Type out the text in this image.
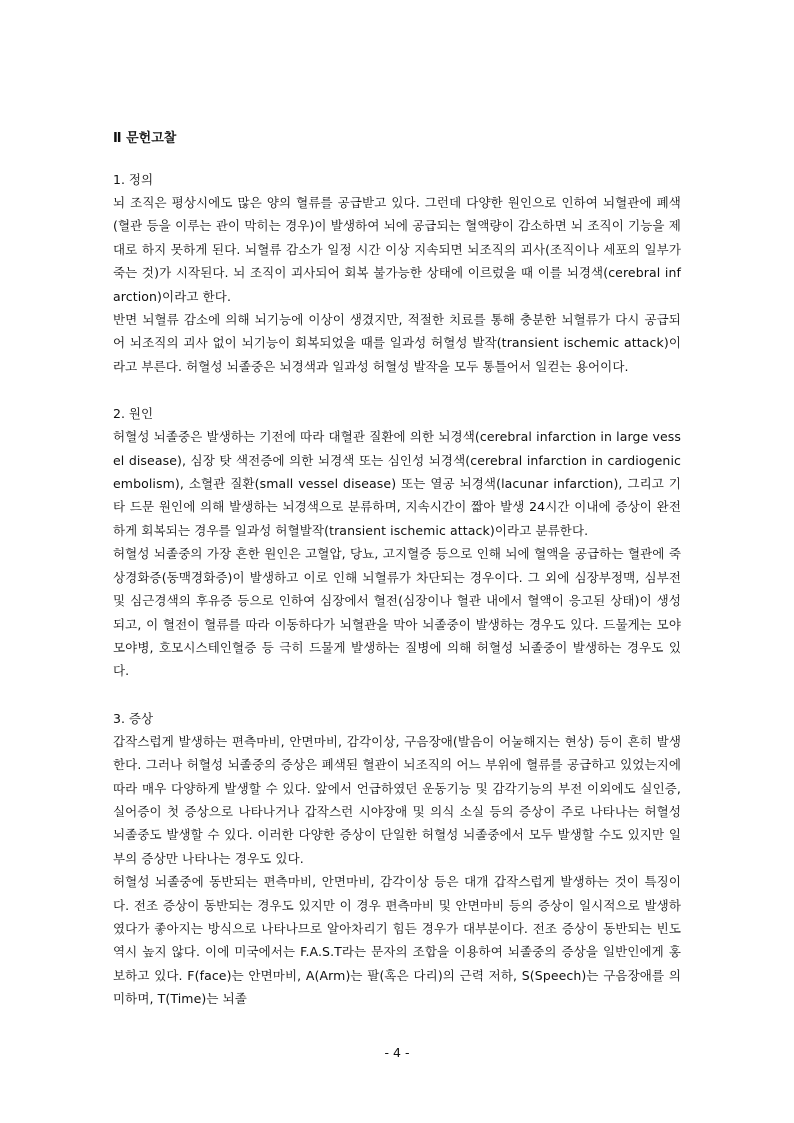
Ⅱ 문헌고찰

1. 정의

뇌 조직은 평상시에도 많은 양의 혈류를 공급받고 있다. 그런데 다양한 원인으로 인하여 뇌혈관에 폐색(혈관 등을 이루는 관이 막히는 경우)이 발생하여 뇌에 공급되는 혈액량이 감소하면 뇌 조직이 기능을 제대로 하지 못하게 된다. 뇌혈류 감소가 일정 시간 이상 지속되면 뇌조직의 괴사(조직이나 세포의 일부가 죽는 것)가 시작된다. 뇌 조직이 괴사되어 회복 불가능한 상태에 이르렀을 때 이를 뇌경색(cerebral infarction)이라고 한다.

반면 뇌혈류 감소에 의해 뇌기능에 이상이 생겼지만, 적절한 치료를 통해 충분한 뇌혈류가 다시 공급되어 뇌조직의 괴사 없이 뇌기능이 회복되었을 때를 일과성 허혈성 발작(transient ischemic attack)이라고 부른다. 허혈성 뇌졸중은 뇌경색과 일과성 허혈성 발작을 모두 통틀어서 일컫는 용어이다.

2. 원인

허혈성 뇌졸중은 발생하는 기전에 따라 대혈관 질환에 의한 뇌경색(cerebral infarction in large vessel disease), 심장 탓 색전증에 의한 뇌경색 또는 심인성 뇌경색(cerebral infarction in cardiogenic embolism), 소혈관 질환(small vessel disease) 또는 열공 뇌경색(lacunar infarction), 그리고 기타 드문 원인에 의해 발생하는 뇌경색으로 분류하며, 지속시간이 짧아 발생 24시간 이내에 증상이 완전하게 회복되는 경우를 일과성 허혈발작(transient ischemic attack)이라고 분류한다.

허혈성 뇌졸중의 가장 흔한 원인은 고혈압, 당뇨, 고지혈증 등으로 인해 뇌에 혈액을 공급하는 혈관에 죽상경화증(동맥경화증)이 발생하고 이로 인해 뇌혈류가 차단되는 경우이다. 그 외에 심장부정맥, 심부전 및 심근경색의 후유증 등으로 인하여 심장에서 혈전(심장이나 혈관 내에서 혈액이 응고된 상태)이 생성되고, 이 혈전이 혈류를 따라 이동하다가 뇌혈관을 막아 뇌졸중이 발생하는 경우도 있다. 드물게는 모야모야병, 호모시스테인혈증 등 극히 드물게 발생하는 질병에 의해 허혈성 뇌졸중이 발생하는 경우도 있다.

3. 증상

갑작스럽게 발생하는 편측마비, 안면마비, 감각이상, 구음장애(발음이 어눌해지는 현상) 등이 흔히 발생한다. 그러나 허혈성 뇌졸중의 증상은 폐색된 혈관이 뇌조직의 어느 부위에 혈류를 공급하고 있었는지에 따라 매우 다양하게 발생할 수 있다. 앞에서 언급하였던 운동기능 및 감각기능의 부전 이외에도 실인증, 실어증이 첫 증상으로 나타나거나 갑작스런 시야장애 및 의식 소실 등의 증상이 주로 나타나는 허혈성 뇌졸중도 발생할 수 있다. 이러한 다양한 증상이 단일한 허혈성 뇌졸중에서 모두 발생할 수도 있지만 일부의 증상만 나타나는 경우도 있다.

허혈성 뇌졸중에 동반되는 편측마비, 안면마비, 감각이상 등은 대개 갑작스럽게 발생하는 것이 특징이다. 전조 증상이 동반되는 경우도 있지만 이 경우 편측마비 및 안면마비 등의 증상이 일시적으로 발생하였다가 좋아지는 방식으로 나타나므로 알아차리기 힘든 경우가 대부분이다. 전조 증상이 동반되는 빈도 역시 높지 않다. 이에 미국에서는 F.A.S.T라는 문자의 조합을 이용하여 뇌졸중의 증상을 일반인에게 홍보하고 있다. F(face)는 안면마비, A(Arm)는 팔(혹은 다리)의 근력 저하, S(Speech)는 구음장애를 의미하며, T(Time)는 뇌졸

- 4 -
